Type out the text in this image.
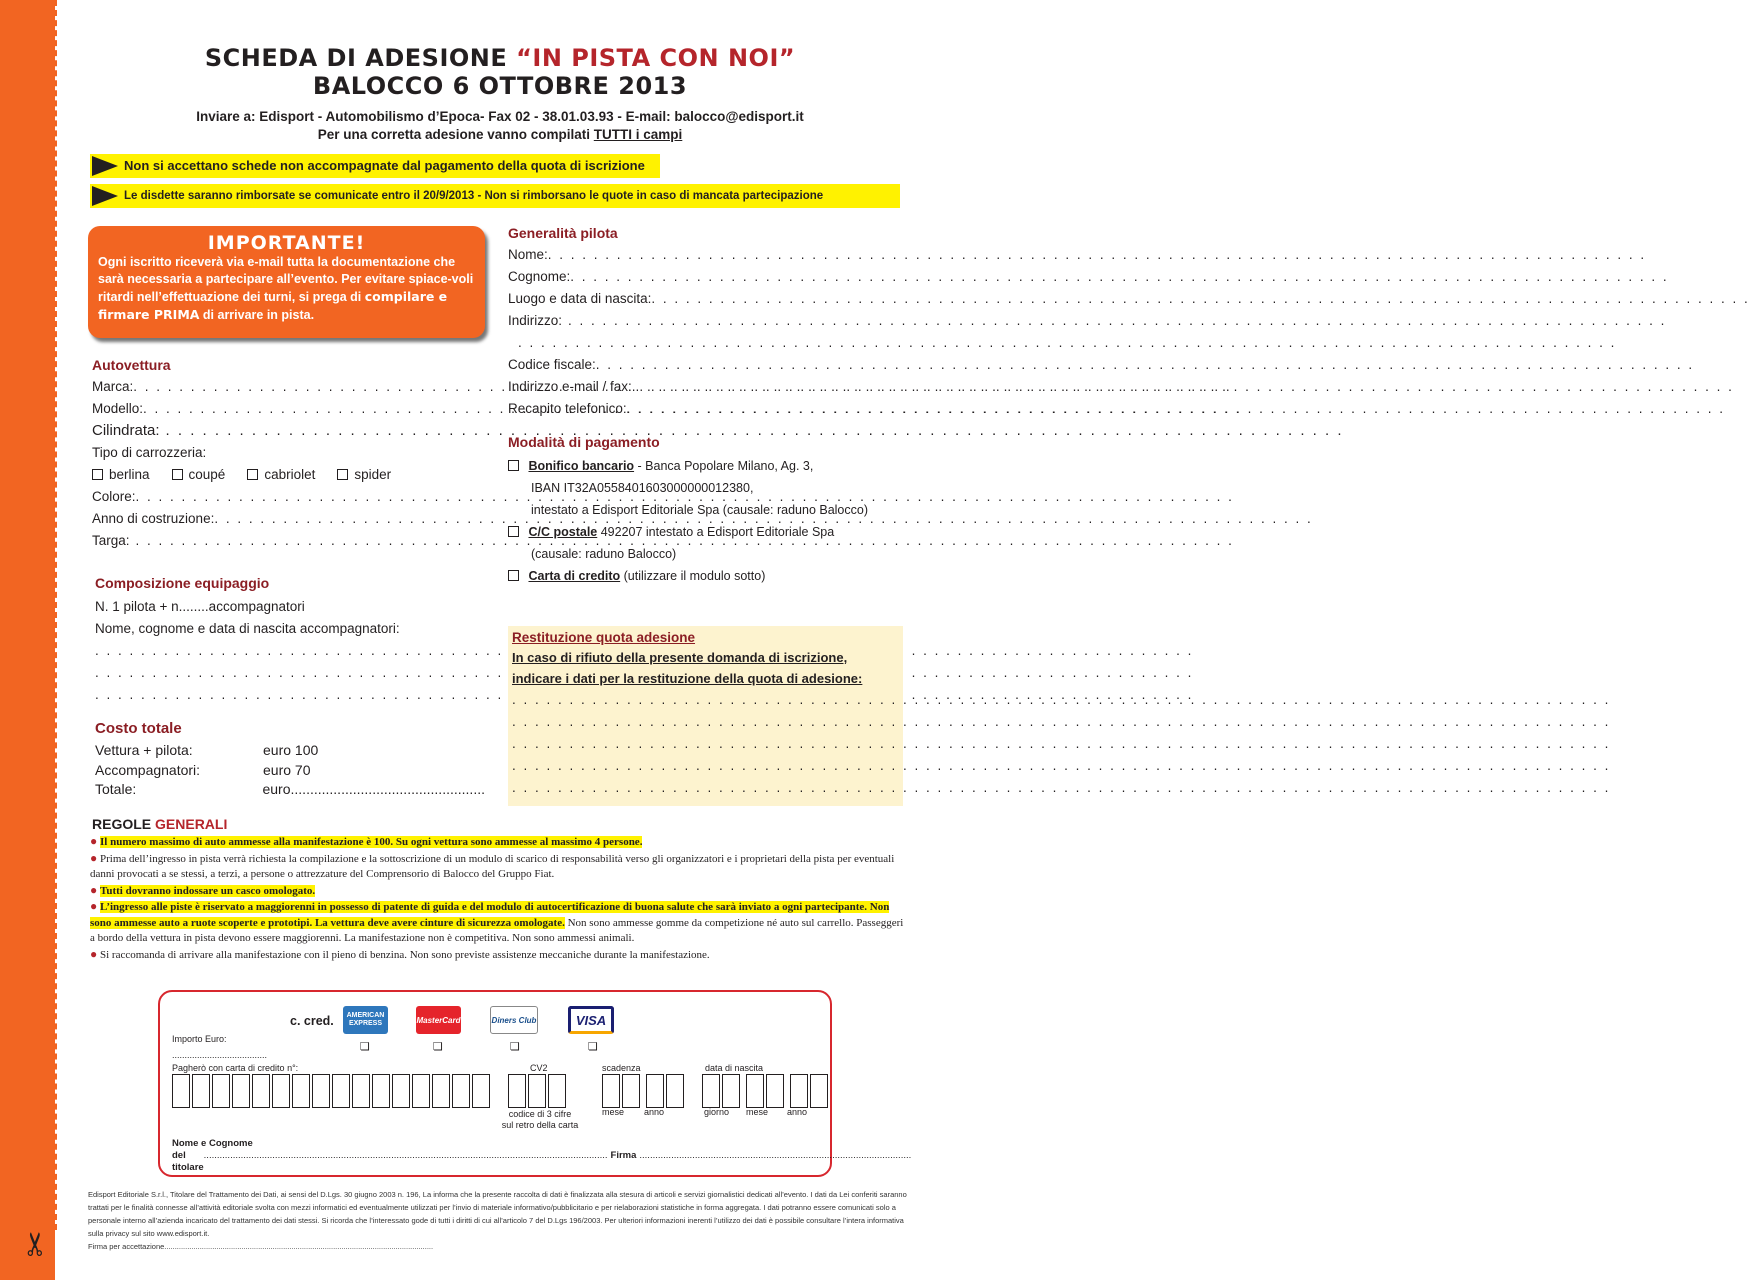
✂
SCHEDA DI ADESIONE “IN PISTA CON NOI”
BALOCCO 6 OTTOBRE 2013
Inviare a: Edisport - Automobilismo d’Epoca- Fax 02 - 38.01.03.93 - E-mail: balocco@edisport.it
Per una corretta adesione vanno compilati TUTTI i campi
Non si accettano schede non accompagnate dal pagamento della quota di iscrizione
Le disdette saranno rimborsate se comunicate entro il 20/9/2013 - Non si rimborsano le quote in caso di mancata partecipazione
IMPORTANTE!

Ogni iscritto riceverà via e-mail tutta la documentazione che sarà necessaria a partecipare all’evento. Per evitare spiace-voli ritardi nell’effettuazione dei turni, si prega di compilare e firmare PRIMA di arrivare in pista.

Autovettura
Marca:
. . .
Modello:
. . .
Cilindrata:
. . .
Tipo di carrozzeria:
berlina	coupé	cabriolet	spider
Colore:
. . .
Anno di costruzione:
. . .
Targa:
. . .
Composizione equipaggio
N. 1 pilota + n........accompagnatori
Nome, cognome e data di nascita accompagnatori:
. . .
. . .
. . .
Costo totale
Vettura + pilota:	euro 100
Accompagnatori:	euro 70
Totale:	euro..................................................
Generalità pilota
Nome:
. . .
Cognome:
. . .
Luogo e data di nascita:
. . .
Indirizzo:
. . .
. . .
Codice fiscale:
. . .
Indirizzo e-mail / fax:.
. . .
Recapito telefonico:
. . .
Modalità di pagamento
Bonifico bancario - Banca Popolare Milano, Ag. 3,
IBAN IT32A0558401603000000012380,
intestato a Edisport Editoriale Spa (causale: raduno Balocco)
C/C postale 492207 intestato a Edisport Editoriale Spa
(causale: raduno Balocco)
Carta di credito (utilizzare il modulo sotto)
Restituzione quota adesione
In caso di rifiuto della presente domanda di iscrizione,
indicare i dati per la restituzione della quota di adesione:
. . .
. . .
. . .
. . .
. . .
REGOLE GENERALI
● Il numero massimo di auto ammesse alla manifestazione è 100. Su ogni vettura sono ammesse al massimo 4 persone.
● Prima dell’ingresso in pista verrà richiesta la compilazione e la sottoscrizione di un modulo di scarico di responsabilità verso gli organizzatori e i proprietari della pista per eventuali danni provocati a se stessi, a terzi, a persone o attrezzature del Comprensorio di Balocco del Gruppo Fiat.
● Tutti dovranno indossare un casco omologato.
● L’ingresso alle piste è riservato a maggiorenni in possesso di patente di guida e del modulo di autocertificazione di buona salute che sarà inviato a ogni partecipante. Non sono ammesse auto a ruote scoperte e prototipi. La vettura deve avere cinture di sicurezza omologate. Non sono ammesse gomme da competizione né auto sul carrello. Passeggeri a bordo della vettura in pista devono essere maggiorenni. La manifestazione non è competitiva. Non sono ammessi animali.
● Si raccomanda di arrivare alla manifestazione con il pieno di benzina. Non sono previste assistenze meccaniche durante la manifestazione.
c. cred.	AMERICAN EXPRESS	MasterCard	Diners Club	VISA
❏	❏	❏	❏
Importo Euro:
......................................
Pagherò con carta di credito n°:	CV2
codice di 3 cifre
sul retro della carta
scadenza
mese anno
data di nascita
giorno mese anno
Nome e Cognome
del titolare
......................................................................................................................................................... Firma .......................................................................................................
Edisport Editoriale S.r.l., Titolare del Trattamento dei Dati, ai sensi del D.Lgs. 30 giugno 2003 n. 196, La informa che la presente raccolta di dati è finalizzata alla stesura di articoli e servizi giornalistici dedicati all’evento. I dati da Lei conferiti saranno trattati per le finalità connesse all’attività editoriale svolta con mezzi informatici ed eventualmente utilizzati per l’invio di materiale informativo/pubblicitario e per rielaborazioni statistiche in forma aggregata. I dati potranno essere comunicati solo a personale interno all’azienda incaricato del trattamento dei dati stessi. Si ricorda che l’interessato gode di tutti i diritti di cui all’articolo 7 del D.Lgs 196/2003. Per ulteriori informazioni inerenti l’utilizzo dei dati è possibile consultare l’intera informativa sulla privacy sul sito www.edisport.it.
Firma per accettazione.................................................................................................................................
